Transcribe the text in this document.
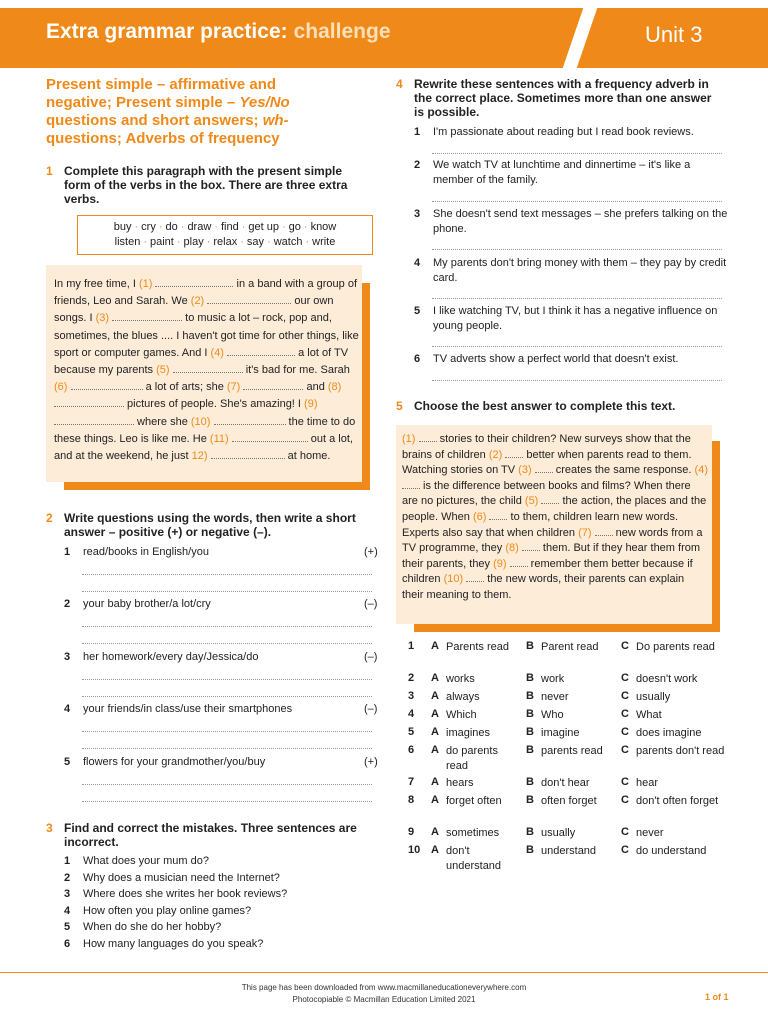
Extra grammar practice: challenge	Unit 3
Present simple – affirmative and
negative; Present simple – Yes/No
questions and short answers; wh-
questions; Adverbs of frequency
1 Complete this paragraph with the present simple form of the verbs in the box. There are three extra verbs.
buy · cry · do · draw · find · get up · go · know
listen · paint · play · relax · say · watch · write
In my free time, I (1)	in a band with a group of friends, Leo and Sarah. We (2)	our own songs. I (3)	to music a lot – rock, pop and, sometimes, the blues .... I haven't got time for other things, like sport or computer games. And I (4)	a lot of TV because my parents (5)	it's bad for me. Sarah (6)	a lot of arts; she (7)	and (8)  pictures of people. She's amazing! I (9)  where she (10)	the time to do these things. Leo is like me. He (11)	out a lot, and at the weekend, he just 12)	at home.
2 Write questions using the words, then write a short answer – positive (+) or negative (–).
1 read/books in English/you	(+)
2 your baby brother/a lot/cry	(–)
3 her homework/every day/Jessica/do	(–)
4 your friends/in class/use their smartphones	(–)
5 flowers for your grandmother/you/buy	(+)
3 Find and correct the mistakes. Three sentences are incorrect.
1 What does your mum do?
2 Why does a musician need the Internet?
3 Where does she writes her book reviews?
4 How often you play online games?
5 When do she do her hobby?
6 How many languages do you speak?
4 Rewrite these sentences with a frequency adverb in the correct place. Sometimes more than one answer is possible.
1 I'm passionate about reading but I read book reviews.
2 We watch TV at lunchtime and dinnertime – it's like a member of the family.
3 She doesn't send text messages – she prefers talking on the phone.
4 My parents don't bring money with them – they pay by credit card.
5 I like watching TV, but I think it has a negative influence on young people.
6 TV adverts show a perfect world that doesn't exist.
5 Choose the best answer to complete this text.
(1)  stories to their children? New surveys show that the brains of children (2)  better when parents read to them. Watching stories on TV (3)  creates the same response. (4)  is the difference between books and films? When there are no pictures, the child (5)  the action, the places and the people. When (6)  to them, children learn new words. Experts also say that when children (7)  new words from a TV programme, they (8)  them. But if they hear them from their parents, they (9)  remember them better because if children (10)  the new words, their parents can explain their meaning to them.
1 A Parents read	B Parent read	C Do parents read
2 A works	B work	C doesn't work
3 A always	B never	C usually
4 A Which	B Who	C What
5 A imagines	B imagine	C does imagine
6 A do parents read
B parents read	C parents don't read
7 A hears	B don't hear	C hear
8 A forget often	B often forget	C don't often forget
9 A sometimes	B usually	C never
10 A don't understand
B understand	C do understand
This page has been downloaded from www.macmillaneducationeverywhere.com
Photocopiable © Macmillan Education Limited 2021	1 of 1
